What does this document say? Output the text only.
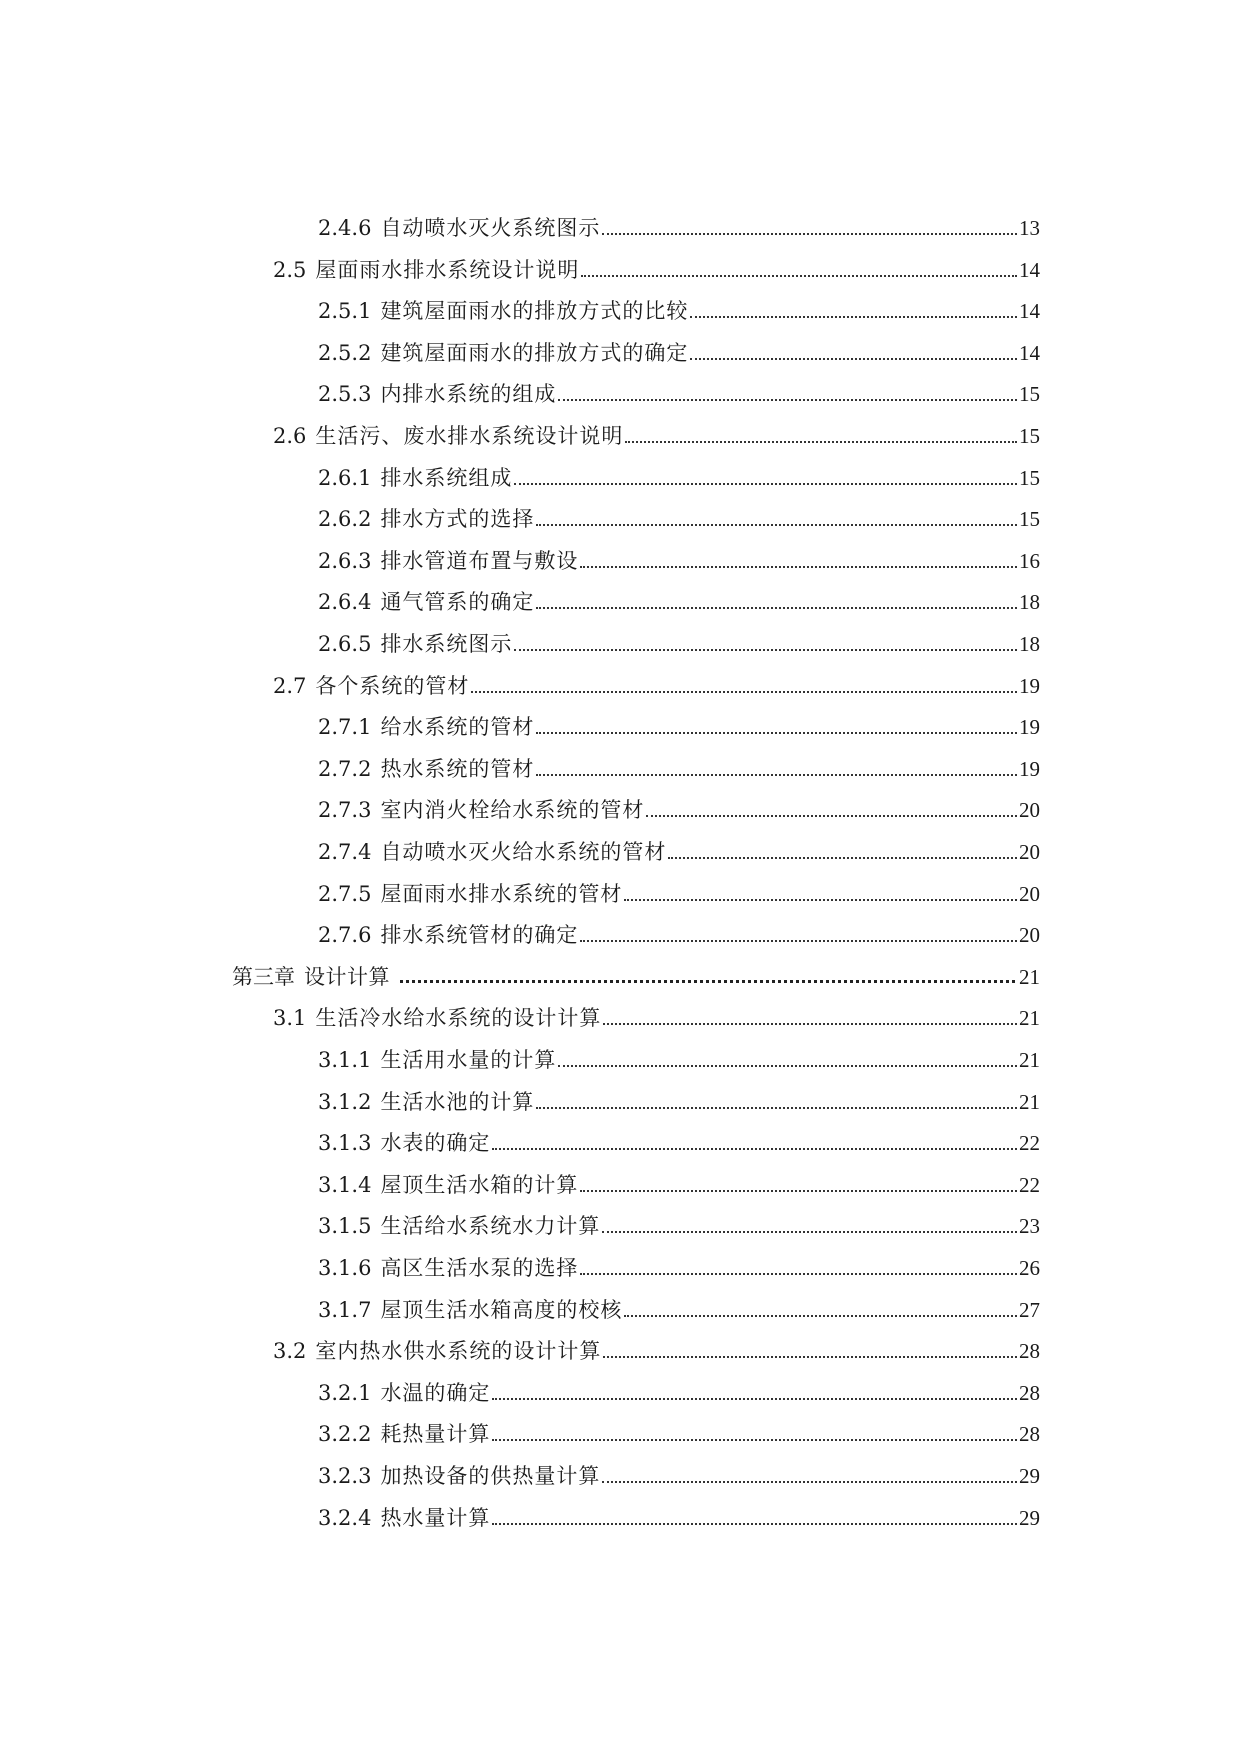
2.4.6 自动喷水灭火系统图示	13
2.5 屋面雨水排水系统设计说明	14
2.5.1 建筑屋面雨水的排放方式的比较	14
2.5.2 建筑屋面雨水的排放方式的确定	14
2.5.3 内排水系统的组成	15
2.6 生活污、废水排水系统设计说明	15
2.6.1 排水系统组成	15
2.6.2 排水方式的选择	15
2.6.3 排水管道布置与敷设	16
2.6.4 通气管系的确定	18
2.6.5 排水系统图示	18
2.7 各个系统的管材	19
2.7.1 给水系统的管材	19
2.7.2 热水系统的管材	19
2.7.3 室内消火栓给水系统的管材	20
2.7.4 自动喷水灭火给水系统的管材	20
2.7.5 屋面雨水排水系统的管材	20
2.7.6 排水系统管材的确定	20
第三章 设计计算	21
3.1 生活冷水给水系统的设计计算	21
3.1.1 生活用水量的计算	21
3.1.2 生活水池的计算	21
3.1.3 水表的确定	22
3.1.4 屋顶生活水箱的计算	22
3.1.5 生活给水系统水力计算	23
3.1.6 高区生活水泵的选择	26
3.1.7 屋顶生活水箱高度的校核	27
3.2 室内热水供水系统的设计计算	28
3.2.1 水温的确定	28
3.2.2 耗热量计算	28
3.2.3 加热设备的供热量计算	29
3.2.4 热水量计算	29
